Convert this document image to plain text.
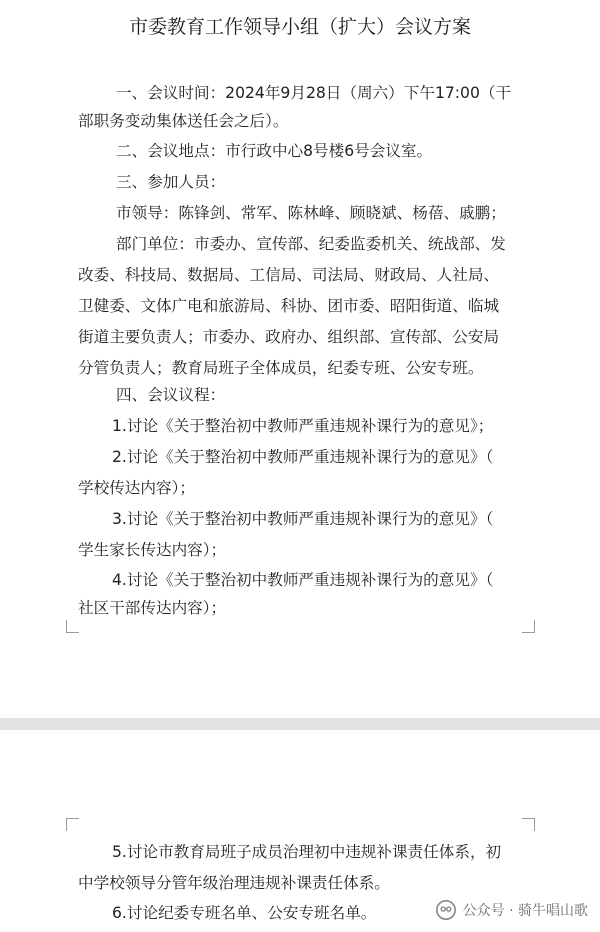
市委教育工作领导小组（扩大）会议方案
一、会议时间：2024年9月28日（周六）下午17:00（干
部职务变动集体送任会之后）。
二、会议地点：市行政中心8号楼6号会议室。
三、参加人员：
市领导：陈锋剑、常军、陈林峰、顾晓斌、杨蓓、戚鹏；
部门单位：市委办、宣传部、纪委监委机关、统战部、发
改委、科技局、数据局、工信局、司法局、财政局、人社局、
卫健委、文体广电和旅游局、科协、团市委、昭阳街道、临城
街道主要负责人；市委办、政府办、组织部、宣传部、公安局
分管负责人；教育局班子全体成员，纪委专班、公安专班。
四、会议议程：
1.讨论《关于整治初中教师严重违规补课行为的意见》；
2.讨论《关于整治初中教师严重违规补课行为的意见》（
学校传达内容）；
3.讨论《关于整治初中教师严重违规补课行为的意见》（
学生家长传达内容）；
4.讨论《关于整治初中教师严重违规补课行为的意见》（
社区干部传达内容）；
5.讨论市教育局班子成员治理初中违规补课责任体系，初
中学校领导分管年级治理违规补课责任体系。
6.讨论纪委专班名单、公安专班名单。	公众号 · 骑牛唱山歌
